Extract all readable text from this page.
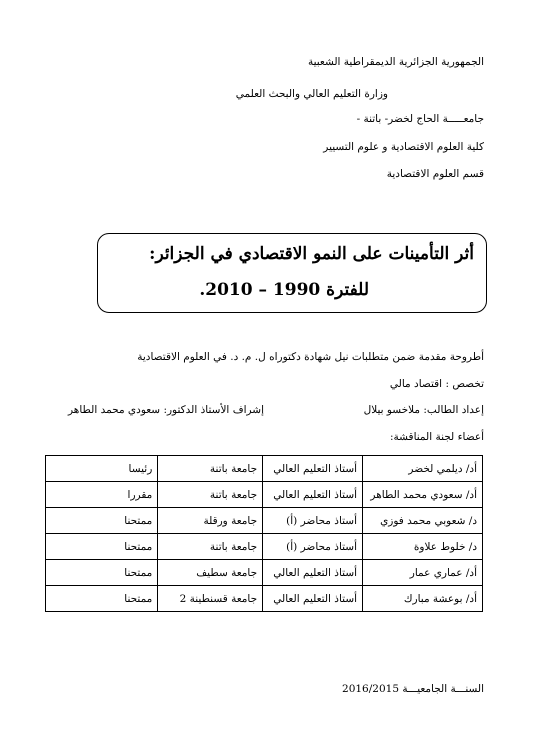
الجمهورية الجزائرية الديمقراطية الشعبية
وزارة التعليم العالي والبحث العلمي
جامعـــــة الحاج لخضر- باتنة -
كلية العلوم الاقتصادية و علوم التسيير
قسم العلوم الاقتصادية
أثر التأمينات على النمو الاقتصادي في الجزائر:
للفترة 1990 – 2010.
أطروحة مقدمة ضمن متطلبات نيل شهادة دكتوراه ل. م. د. في العلوم الاقتصادية
تخصص : اقتصاد مالي
إعداد الطالب: ملاخسو بيلال
إشراف الأستاذ الدكتور: سعودي محمد الطاهر
أعضاء لجنة المناقشة:
أد/ ديلمي لخضر	أستاذ التعليم العالي	جامعة باتنة	رئيسا
أد/ سعودي محمد الطاهر	أستاذ التعليم العالي	جامعة باتنة	مقررا
د/ شعوبي محمد فوزي	أستاذ محاضر (أ)	جامعة ورقلة	ممتحنا
د/ خلوط علاوة	أستاذ محاضر (أ)	جامعة باتنة	ممتحنا
أد/ عماري عمار	أستاذ التعليم العالي	جامعة سطيف	ممتحنا
أد/ بوعشة مبارك	أستاذ التعليم العالي	جامعة قسنطينة 2	ممتحنا
السنـــة الجامعيـــة 2016/2015
